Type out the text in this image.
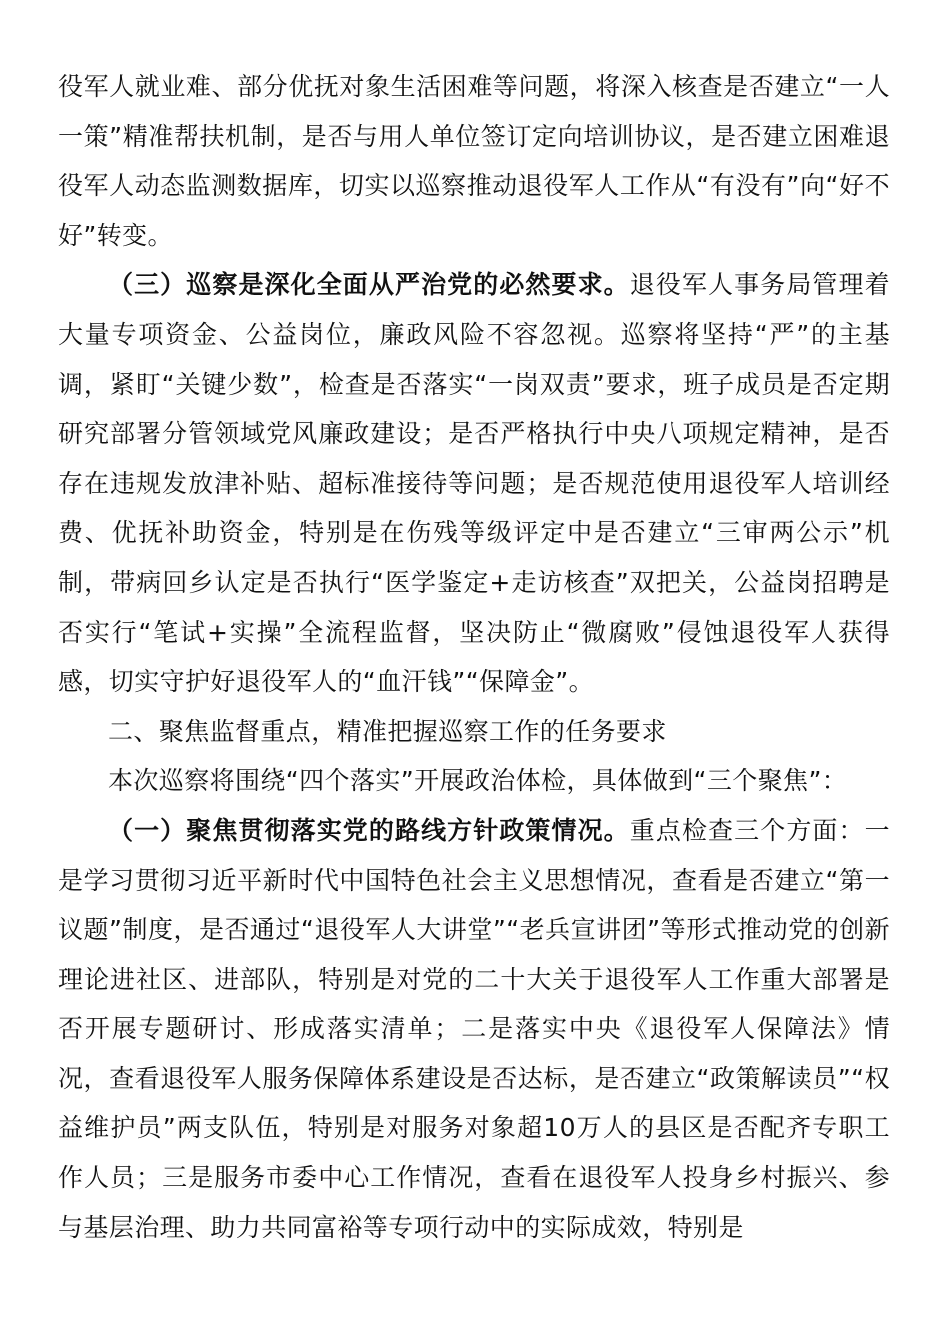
役军人就业难、部分优抚对象生活困难等问题，将深入核查是否建立“一人一策”精准帮扶机制，是否与用人单位签订定向培训协议，是否建立困难退役军人动态监测数据库，切实以巡察推动退役军人工作从“有没有”向“好不好”转变。

（三）巡察是深化全面从严治党的必然要求。退役军人事务局管理着大量专项资金、公益岗位，廉政风险不容忽视。巡察将坚持“严”的主基调，紧盯“关键少数”，检查是否落实“一岗双责”要求，班子成员是否定期研究部署分管领域党风廉政建设；是否严格执行中央八项规定精神，是否存在违规发放津补贴、超标准接待等问题；是否规范使用退役军人培训经费、优抚补助资金，特别是在伤残等级评定中是否建立“三审两公示”机制，带病回乡认定是否执行“医学鉴定+走访核查”双把关，公益岗招聘是否实行“笔试+实操”全流程监督，坚决防止“微腐败”侵蚀退役军人获得感，切实守护好退役军人的“血汗钱”“保障金”。

二、聚焦监督重点，精准把握巡察工作的任务要求

本次巡察将围绕“四个落实”开展政治体检，具体做到“三个聚焦”：

（一）聚焦贯彻落实党的路线方针政策情况。重点检查三个方面：一是学习贯彻习近平新时代中国特色社会主义思想情况，查看是否建立“第一议题”制度，是否通过“退役军人大讲堂”“老兵宣讲团”等形式推动党的创新理论进社区、进部队，特别是对党的二十大关于退役军人工作重大部署是否开展专题研讨、形成落实清单；二是落实中央《退役军人保障法》情况，查看退役军人服务保障体系建设是否达标，是否建立“政策解读员”“权益维护员”两支队伍，特别是对服务对象超10万人的县区是否配齐专职工作人员；三是服务市委中心工作情况，查看在退役军人投身乡村振兴、参与基层治理、助力共同富裕等专项行动中的实际成效，特别是
